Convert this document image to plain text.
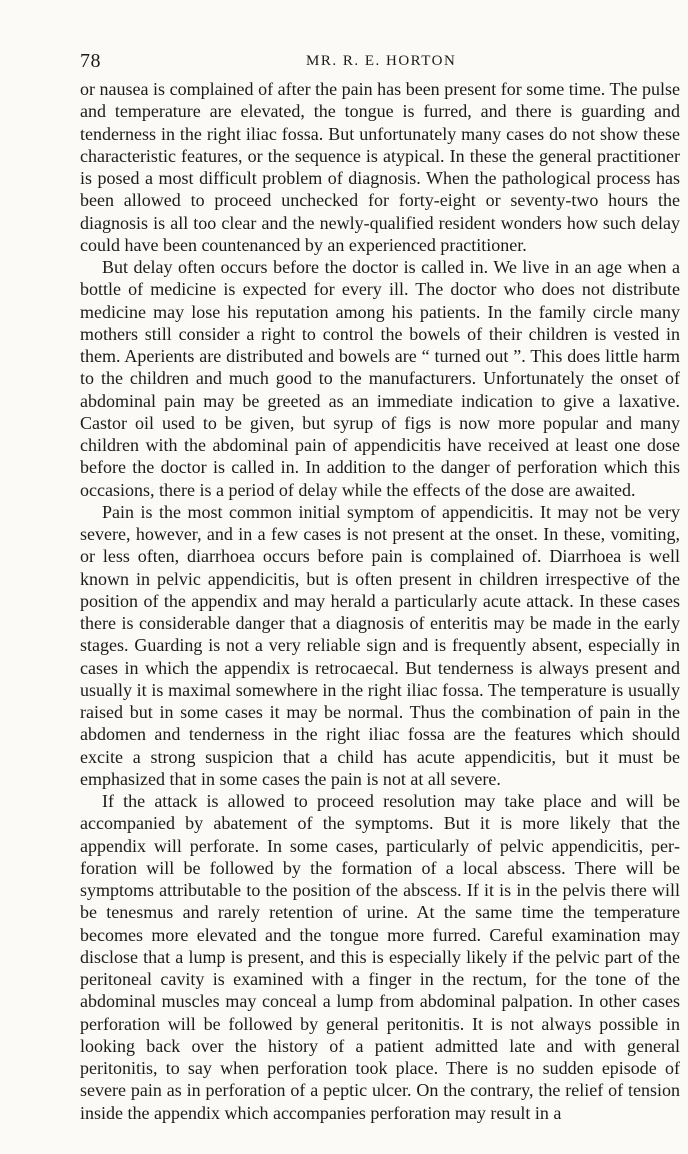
78	MR. R. E. HORTON

or nausea is complained of after the pain has been present for some time. The pulse and temperature are elevated, the tongue is furred, and there is guarding and tenderness in the right iliac fossa. But unfortunately many cases do not show these characteristic features, or the sequence is atypical. In these the general practitioner is posed a most difficult problem of diagnosis. When the pathological process has been allowed to proceed unchecked for forty-eight or seventy-two hours the diagnosis is all too clear and the newly-qualified resident wonders how such delay could have been countenanced by an experienced practitioner.

But delay often occurs before the doctor is called in. We live in an age when a bottle of medicine is expected for every ill. The doctor who does not distribute medicine may lose his reputation among his patients. In the family circle many mothers still consider a right to control the bowels of their children is vested in them. Aperients are distributed and bowels are “ turned out ”. This does little harm to the children and much good to the manufacturers. Unfortunately the onset of abdominal pain may be greeted as an immediate indication to give a laxative. Castor oil used to be given, but syrup of figs is now more popular and many children with the abdominal pain of appendicitis have received at least one dose before the doctor is called in. In addition to the danger of perforation which this occasions, there is a period of delay while the effects of the dose are awaited.

Pain is the most common initial symptom of appendicitis. It may not be very severe, however, and in a few cases is not present at the onset. In these, vomiting, or less often, diarrhoea occurs before pain is complained of. Diarrhoea is well known in pelvic appendicitis, but is often present in children irrespective of the position of the appendix and may herald a particularly acute attack. In these cases there is considerable danger that a diagnosis of enteritis may be made in the early stages. Guarding is not a very reliable sign and is frequently absent, especially in cases in which the appendix is retrocaecal. But tenderness is always present and usually it is maximal somewhere in the right iliac fossa. The temperature is usually raised but in some cases it may be normal. Thus the combination of pain in the abdomen and tenderness in the right iliac fossa are the features which should excite a strong suspicion that a child has acute appendicitis, but it must be emphasized that in some cases the pain is not at all severe.

If the attack is allowed to proceed resolution may take place and will be accompanied by abatement of the symptoms. But it is more likely that the appendix will perforate. In some cases, particularly of pelvic appendicitis, perforation will be followed by the formation of a local abscess. There will be symptoms attributable to the position of the abscess. If it is in the pelvis there will be tenesmus and rarely retention of urine. At the same time the temperature becomes more elevated and the tongue more furred. Careful examination may disclose that a lump is present, and this is especially likely if the pelvic part of the peritoneal cavity is examined with a finger in the rectum, for the tone of the abdominal muscles may conceal a lump from abdominal palpation. In other cases perforation will be followed by general peritonitis. It is not always possible in looking back over the history of a patient admitted late and with general peritonitis, to say when perforation took place. There is no sudden episode of severe pain as in perforation of a peptic ulcer. On the contrary, the relief of tension inside the appendix which accompanies perforation may result in a
